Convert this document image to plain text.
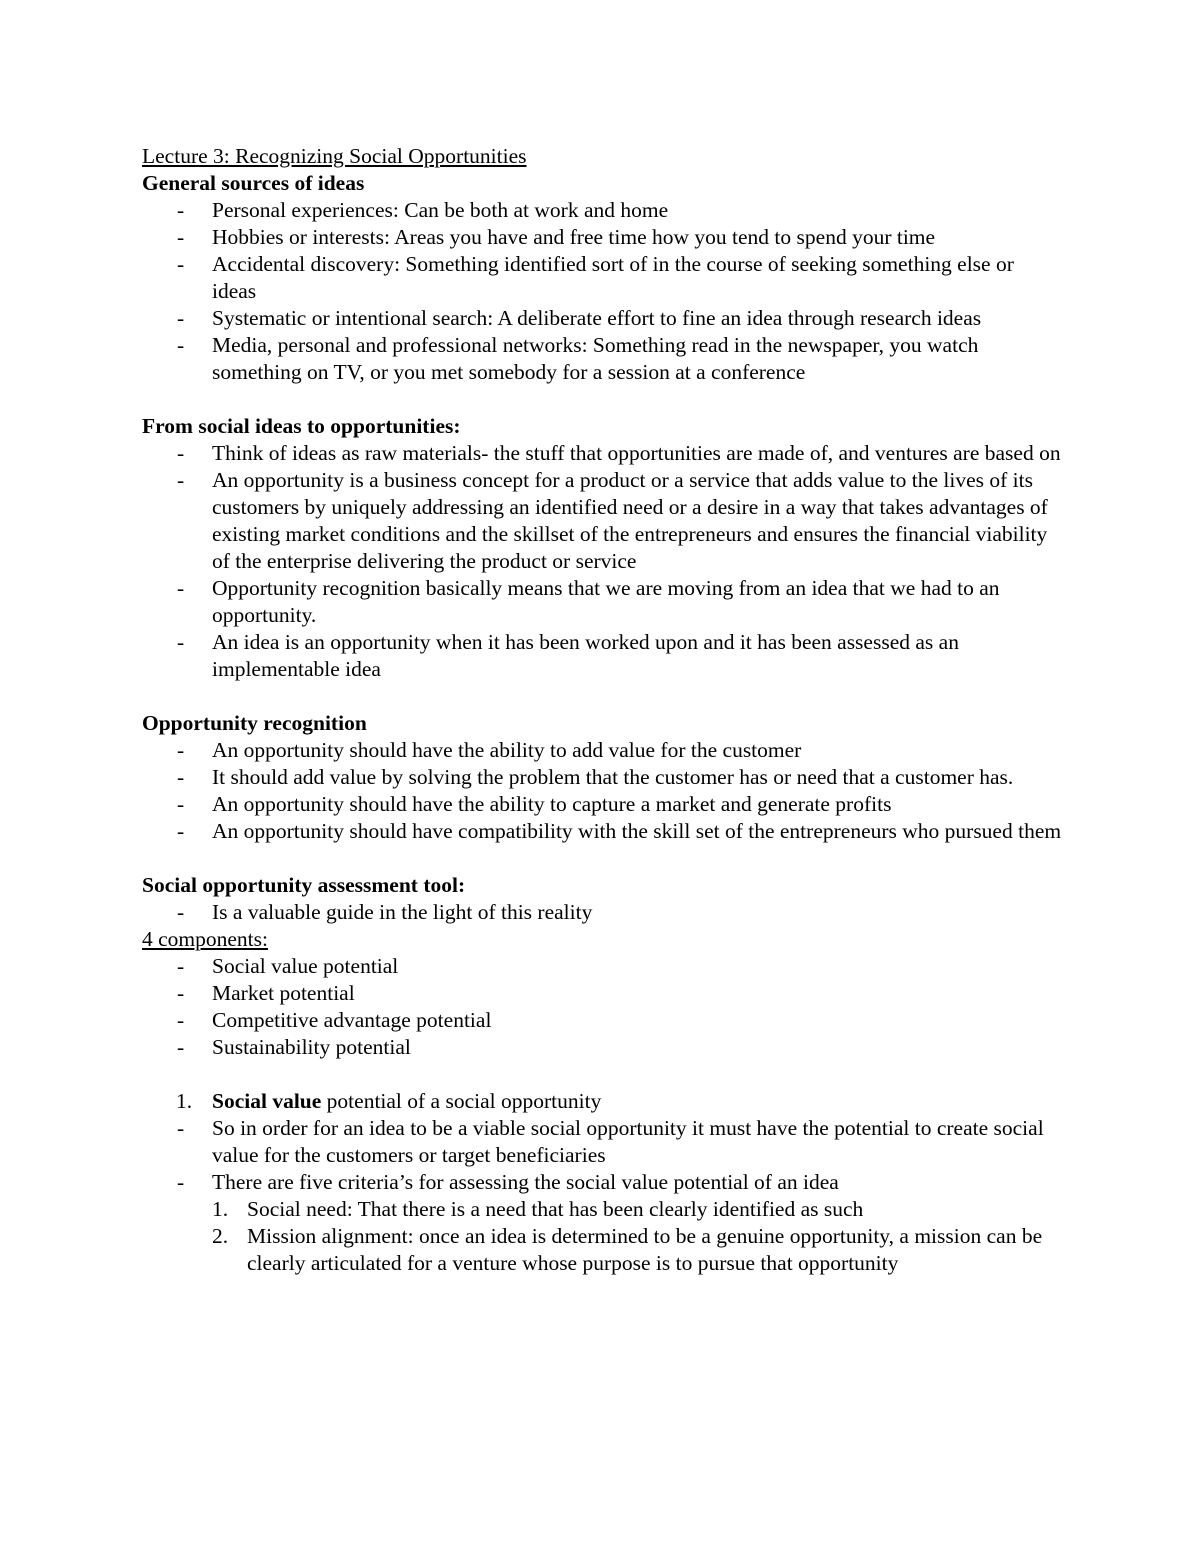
Lecture 3: Recognizing Social Opportunities
General sources of ideas
- Personal experiences: Can be both at work and home
- Hobbies or interests: Areas you have and free time how you tend to spend your time
- Accidental discovery: Something identified sort of in the course of seeking something else or ideas
- Systematic or intentional search: A deliberate effort to fine an idea through research ideas
- Media, personal and professional networks: Something read in the newspaper, you watch something on TV, or you met somebody for a session at a conference
From social ideas to opportunities:
- Think of ideas as raw materials- the stuff that opportunities are made of, and ventures are based on
- An opportunity is a business concept for a product or a service that adds value to the lives of its customers by uniquely addressing an identified need or a desire in a way that takes advantages of existing market conditions and the skillset of the entrepreneurs and ensures the financial viability of the enterprise delivering the product or service
- Opportunity recognition basically means that we are moving from an idea that we had to an opportunity.
- An idea is an opportunity when it has been worked upon and it has been assessed as an implementable idea
Opportunity recognition
- An opportunity should have the ability to add value for the customer
- It should add value by solving the problem that the customer has or need that a customer has.
- An opportunity should have the ability to capture a market and generate profits
- An opportunity should have compatibility with the skill set of the entrepreneurs who pursued them
Social opportunity assessment tool:
- Is a valuable guide in the light of this reality
4 components:
- Social value potential
- Market potential
- Competitive advantage potential
- Sustainability potential
1. Social value potential of a social opportunity
- So in order for an idea to be a viable social opportunity it must have the potential to create social value for the customers or target beneficiaries
- There are five criteria’s for assessing the social value potential of an idea
1. Social need: That there is a need that has been clearly identified as such
2. Mission alignment: once an idea is determined to be a genuine opportunity, a mission can be clearly articulated for a venture whose purpose is to pursue that opportunity
